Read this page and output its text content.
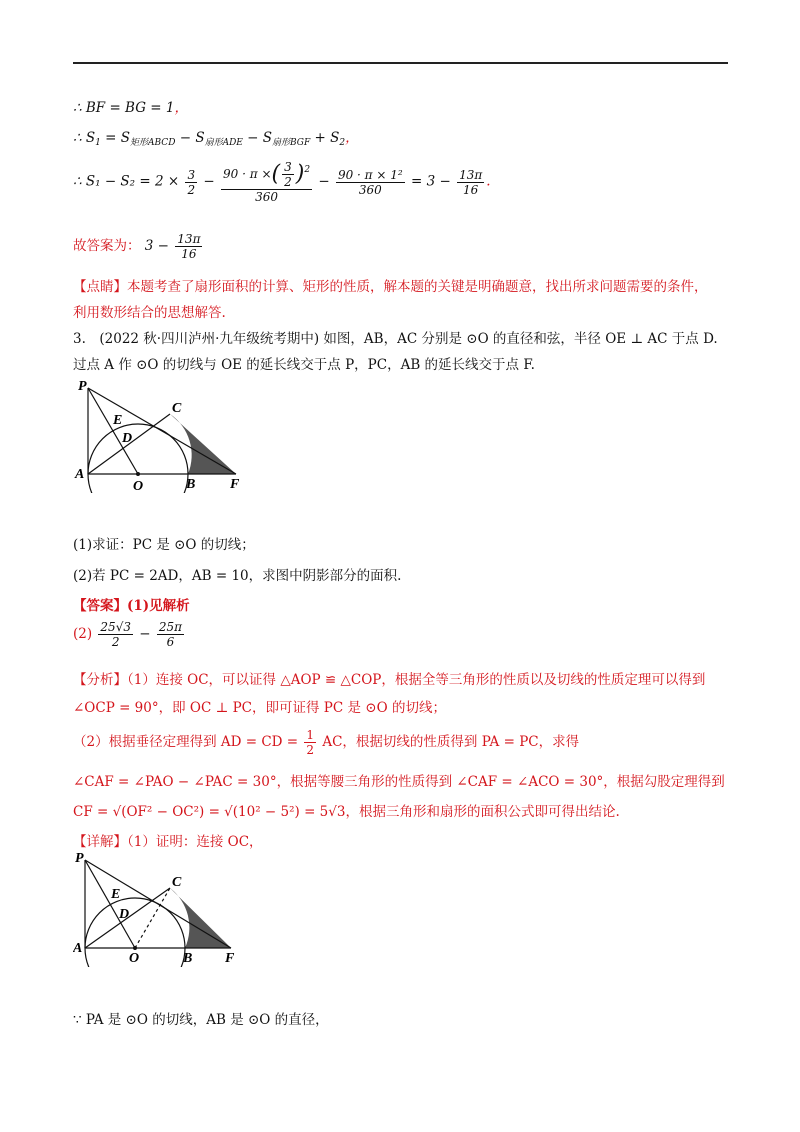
∴ BF = BG = 1，
∴ $S_1 = S_{矩形ABCD} - S_{扇形ADE} - S_{扇形BGF} + S_2$，
∴ $S_1 - S_2 = 2 \times \frac{3}{2} - \frac{90 \cdot \pi \times( \frac{3}{2} )^2}{360} - \frac{\text{90 · π × 1²}}{360} = 3 - \frac{13\pi}{16}$ .
故答案为： $3 - \frac{13\pi}{16}$
【点睛】本题考查了扇形面积的计算、矩形的性质，解本题的关键是明确题意，找出所求问题需要的条件，
利用数形结合的思想解答.
3.　(2022 秋·四川泸州·九年级统考期中) 如图，AB，AC 分别是 ⊙O 的直径和弦，半径 OE ⊥ AC 于点 D.
过点 A 作 ⊙O 的切线与 OE 的延长线交于点 P，PC，AB 的延长线交于点 F.
P
E
C
D
A
O	B F
(1)求证：PC 是 ⊙O 的切线；
(2)若 PC = 2AD，AB = 10，求图中阴影部分的面积.
【答案】(1)见解析
$(2) \frac{25√3}{2} - \frac{25\pi}{6}$
【分析】（1）连接 OC，可以证得 △AOP ≌ △COP，根据全等三角形的性质以及切线的性质定理可以得到
∠OCP = 90°，即 OC ⊥ PC，即可证得 PC 是 ⊙O 的切线；
（2）根据垂径定理得到 AD = CD = $\frac{1}{2}$ AC，根据切线的性质得到 PA = PC，求得
∠CAF = ∠PAO − ∠PAC = 30°，根据等腰三角形的性质得到 ∠CAF = ∠ACO = 30°，根据勾股定理得到
CF = √(OF² − OC²) = √(10² − 5²) = 5√3，根据三角形和扇形的面积公式即可得出结论.
【详解】（1）证明：连接 OC，
P
E
C
D
A
O	B F
∵ PA 是 ⊙O 的切线，AB 是 ⊙O 的直径，
